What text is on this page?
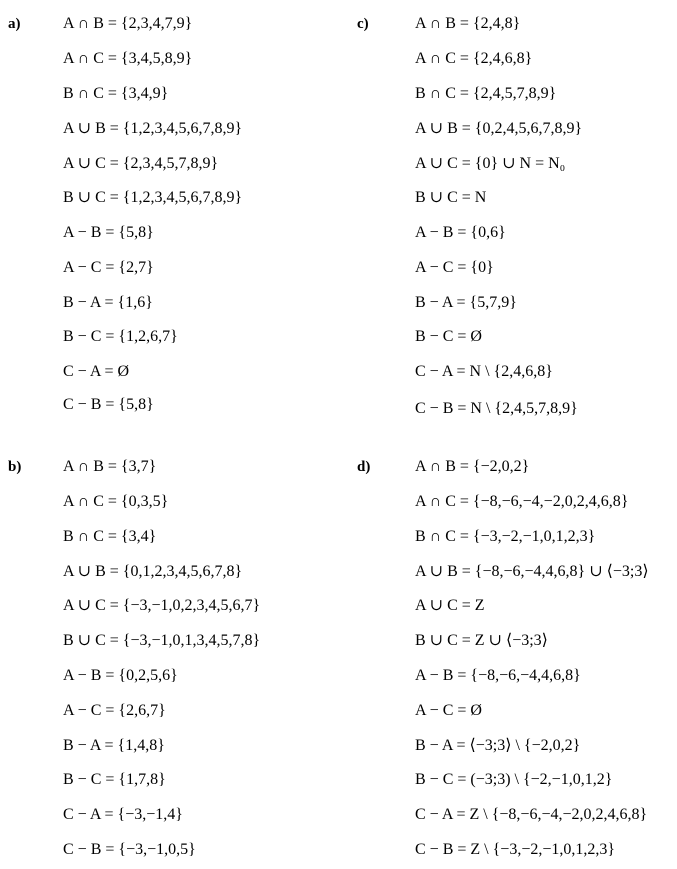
a)	A ∩ B = {2,3,4,7,9}
A ∩ C = {3,4,5,8,9}
B ∩ C = {3,4,9}
A ∪ B = {1,2,3,4,5,6,7,8,9}
A ∪ C = {2,3,4,5,7,8,9}
B ∪ C = {1,2,3,4,5,6,7,8,9}
A − B = {5,8}
A − C = {2,7}
B − A = {1,6}
B − C = {1,2,6,7}
C − A = Ø
C − B = {5,8}
b)	A ∩ B = {3,7}
A ∩ C = {0,3,5}
B ∩ C = {3,4}
A ∪ B = {0,1,2,3,4,5,6,7,8}
A ∪ C = {−3,−1,0,2,3,4,5,6,7}
B ∪ C = {−3,−1,0,1,3,4,5,7,8}
A − B = {0,2,5,6}
A − C = {2,6,7}
B − A = {1,4,8}
B − C = {1,7,8}
C − A = {−3,−1,4}
C − B = {−3,−1,0,5}
c)	A ∩ B = {2,4,8}
A ∩ C = {2,4,6,8}
B ∩ C = {2,4,5,7,8,9}
A ∪ B = {0,2,4,5,6,7,8,9}
A ∪ C = {0} ∪ N = N₀
B ∪ C = N
A − B = {0,6}
A − C = {0}
B − A = {5,7,9}
B − C = Ø
C − A = N \ {2,4,6,8}
C − B = N \ {2,4,5,7,8,9}
d)	A ∩ B = {−2,0,2}
A ∩ C = {−8,−6,−4,−2,0,2,4,6,8}
B ∩ C = {−3,−2,−1,0,1,2,3}
A ∪ B = {−8,−6,−4,4,6,8} ∪ ⟨−3;3⟩
A ∪ C = Z
B ∪ C = Z ∪ ⟨−3;3⟩
A − B = {−8,−6,−4,4,6,8}
A − C = Ø
B − A = ⟨−3;3⟩ \ {−2,0,2}
B − C = (−3;3) \ {−2,−1,0,1,2}
C − A = Z \ {−8,−6,−4,−2,0,2,4,6,8}
C − B = Z \ {−3,−2,−1,0,1,2,3}
